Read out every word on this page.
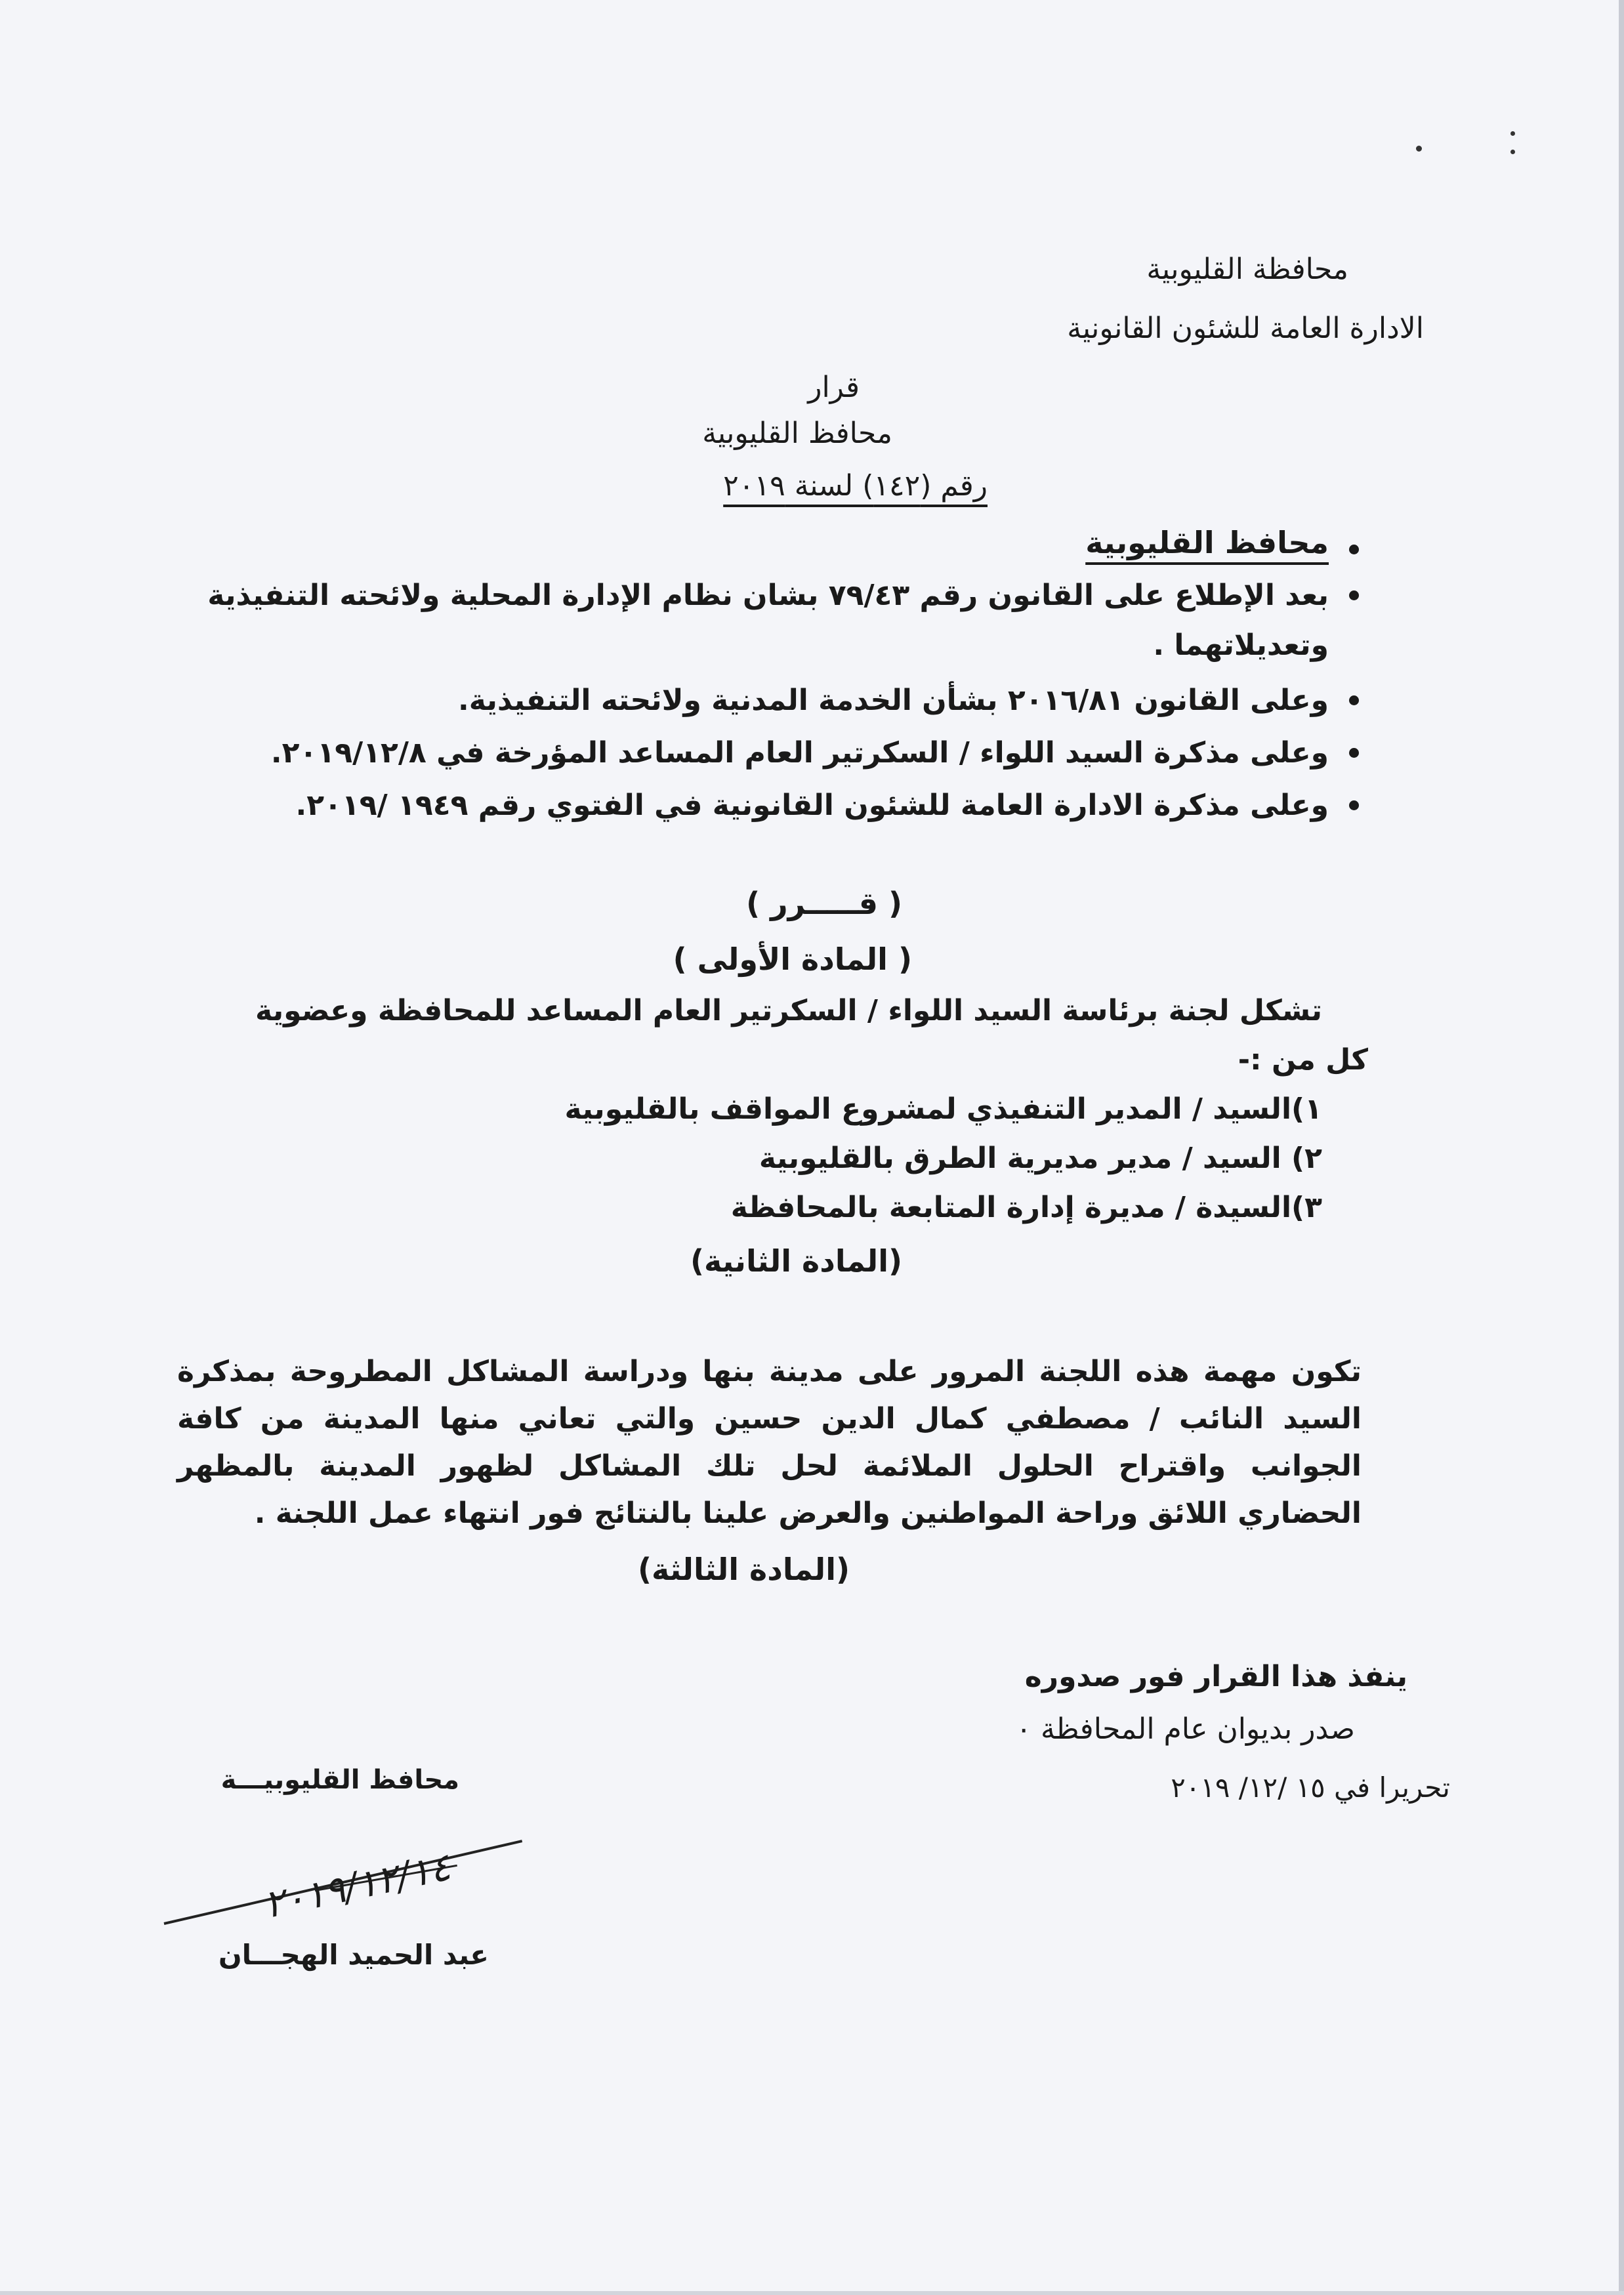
محافظة القليوبية

الادارة العامة للشئون القانونية

قرار

محافظ القليوبية

رقم (١٤٢) لسنة ٢٠١٩

محافظ القليوبية

بعد الإطلاع على القانون رقم ٧٩/٤٣ بشان نظام الإدارة المحلية ولائحته التنفيذية وتعديلاتهما .
وعلى القانون ٢٠١٦/٨١ بشأن الخدمة المدنية ولائحته التنفيذية.
وعلى مذكرة السيد اللواء / السكرتير العام المساعد المؤرخة في ٢٠١٩/١٢/٨.
وعلى مذكرة الادارة العامة للشئون القانونية في الفتوي رقم ١٩٤٩ /٢٠١٩.

( قـــــرر )

( المادة الأولى )

تشكل لجنة برئاسة السيد اللواء / السكرتير العام المساعد للمحافظة وعضوية

كل من :-

١)السيد / المدير التنفيذي لمشروع المواقف بالقليوبية

٢) السيد / مدير مديرية الطرق بالقليوبية

٣)السيدة / مديرة إدارة المتابعة بالمحافظة

(المادة الثانية)

تكون مهمة هذه اللجنة المرور على مدينة بنها ودراسة المشاكل المطروحة بمذكرة السيد النائب / مصطفي كمال الدين حسين والتي تعاني منها المدينة من كافة الجوانب واقتراح الحلول الملائمة لحل تلك المشاكل لظهور المدينة بالمظهر الحضاري اللائق وراحة المواطنين والعرض علينا بالنتائج فور انتهاء عمل اللجنة .

(المادة الثالثة)

ينفذ هذا القرار فور صدوره

صدر بديوان عام المحافظة ٠

تحريرا في ١٥ /١٢/ ٢٠١٩

محافظ القليوبيـــة

٢٠١٩/١٢/١٤

عبد الحميد الهجـــان
